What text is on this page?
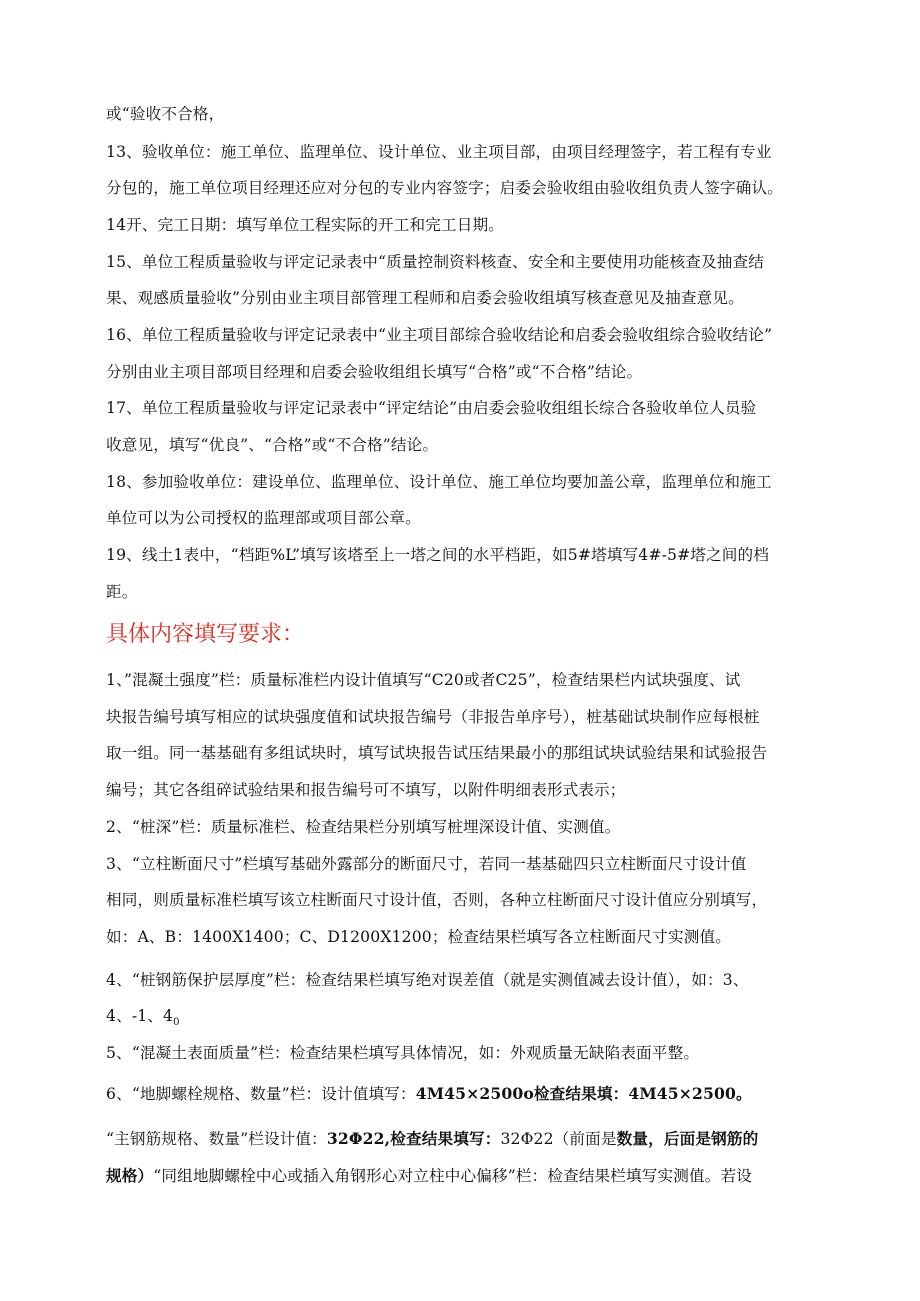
或“验收不合格，
13、验收单位：施工单位、监理单位、设计单位、业主项目部，由项目经理签字，若工程有专业
分包的，施工单位项目经理还应对分包的专业内容签字；启委会验收组由验收组负责人签字确认。
14开、完工日期：填写单位工程实际的开工和完工日期。
15、单位工程质量验收与评定记录表中“质量控制资料核查、安全和主要使用功能核查及抽查结
果、观感质量验收”分别由业主项目部管理工程师和启委会验收组填写核查意见及抽查意见。
16、单位工程质量验收与评定记录表中“业主项目部综合验收结论和启委会验收组综合验收结论”
分别由业主项目部项目经理和启委会验收组组长填写“合格”或“不合格”结论。
17、单位工程质量验收与评定记录表中“评定结论”由启委会验收组组长综合各验收单位人员验
收意见，填写“优良”、“合格”或“不合格”结论。
18、参加验收单位：建设单位、监理单位、设计单位、施工单位均要加盖公章，监理单位和施工
单位可以为公司授权的监理部或项目部公章。
19、线土1表中，“档距%L”填写该塔至上一塔之间的水平档距，如5#塔填写4#-5#塔之间的档
距。
具体内容填写要求：
1、”混凝土强度”栏：质量标准栏内设计值填写“C20或者C25”，检查结果栏内试块强度、试
块报告编号填写相应的试块强度值和试块报告编号（非报告单序号），桩基础试块制作应每根桩
取一组。同一基基础有多组试块时，填写试块报告试压结果最小的那组试块试验结果和试验报告
编号；其它各组碎试验结果和报告编号可不填写，以附件明细表形式表示；
2、“桩深”栏：质量标准栏、检查结果栏分别填写桩埋深设计值、实测值。
3、“立柱断面尺寸”栏填写基础外露部分的断面尺寸，若同一基基础四只立柱断面尺寸设计值
相同，则质量标准栏填写该立柱断面尺寸设计值，否则，各种立柱断面尺寸设计值应分别填写，
如：A、B：1400X1400；C、D1200X1200；检查结果栏填写各立柱断面尺寸实测值。
4、“桩钢筋保护层厚度”栏：检查结果栏填写绝对误差值（就是实测值减去设计值），如：3、
4、-1、$4_0$
5、“混凝土表面质量”栏：检查结果栏填写具体情况，如：外观质量无缺陷表面平整。
6、“地脚螺栓规格、数量”栏：设计值填写：4M45×2500o检查结果填：4M45×2500。
“主钢筋规格、数量”栏设计值：32Φ22,检查结果填写：32Φ22（前面是数量，后面是钢筋的
规格）“同组地脚螺栓中心或插入角钢形心对立柱中心偏移”栏：检查结果栏填写实测值。若设
